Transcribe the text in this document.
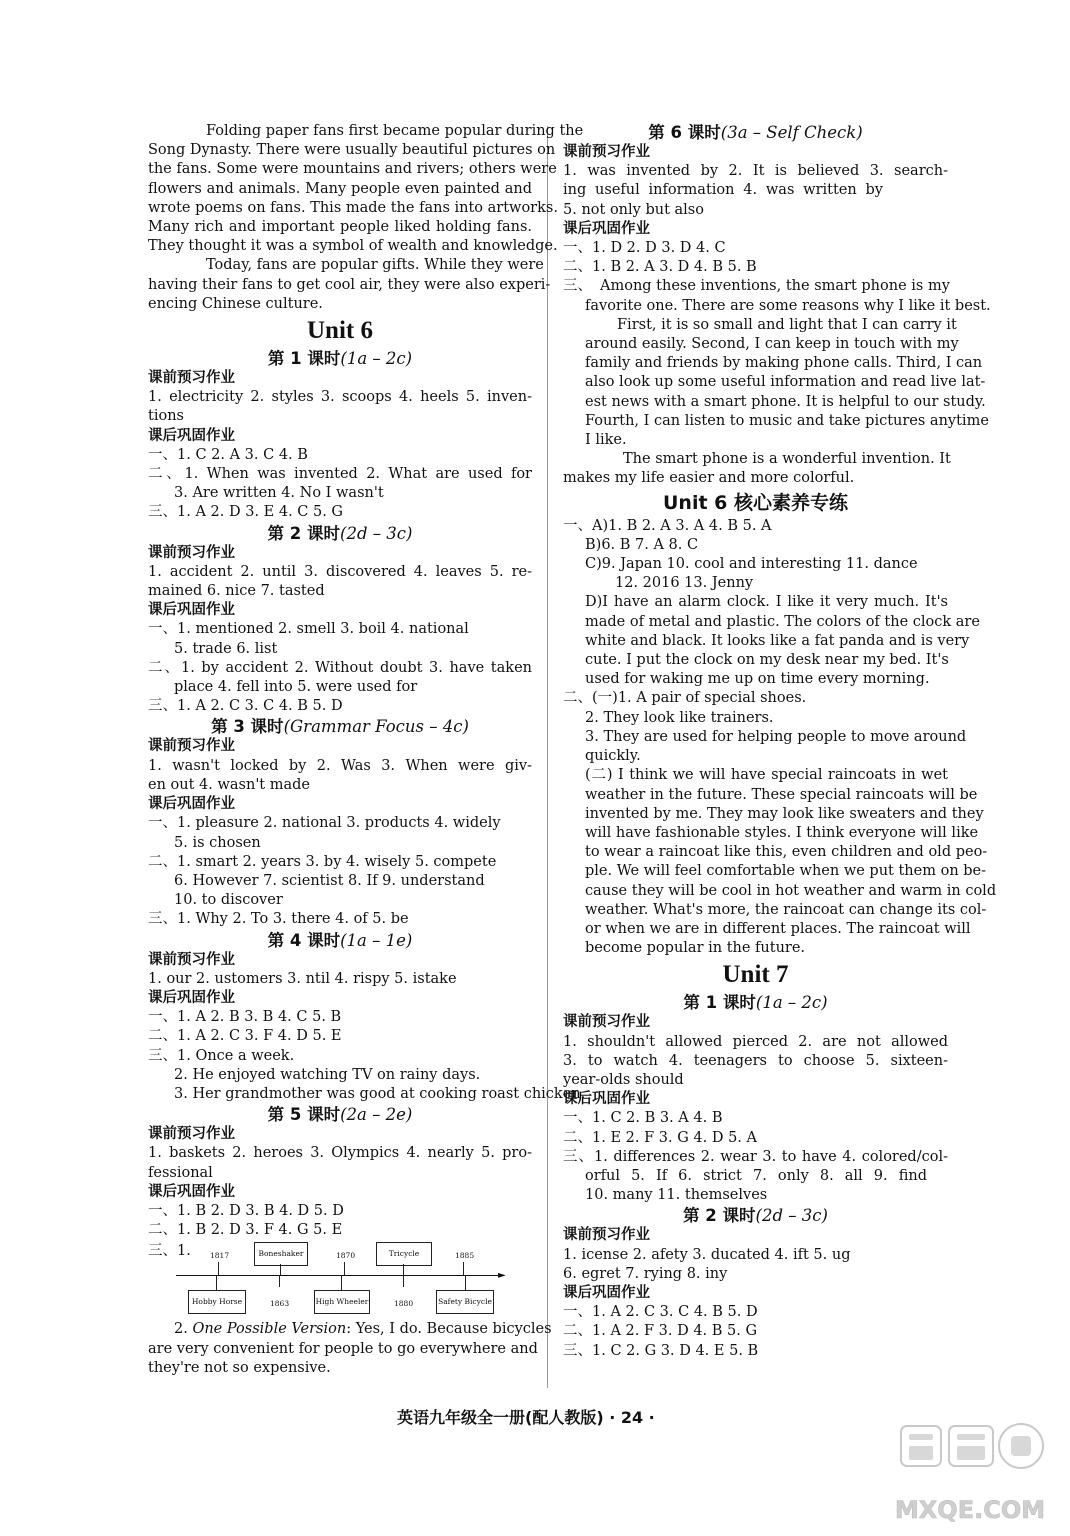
Folding paper fans first became popular during the
Song Dynasty. There were usually beautiful pictures on
the fans. Some were mountains and rivers; others were
flowers and animals. Many people even painted and
wrote poems on fans. This made the fans into artworks.
Many rich and important people liked holding fans.
They thought it was a symbol of wealth and knowledge.
Today, fans are popular gifts. While they were
having their fans to get cool air, they were also experi-
encing Chinese culture.
Unit 6
第 1 课时(1a – 2c)
课前预习作业
1. electricity 2. styles 3. scoops 4. heels 5. inven-
tions
课后巩固作业
一、1. C 2. A 3. C 4. B
二、1. When was invented 2. What are used for
3. Are written 4. No I wasn't
三、1. A 2. D 3. E 4. C 5. G
第 2 课时(2d – 3c)
课前预习作业
1. accident 2. until 3. discovered 4. leaves 5. re-
mained 6. nice 7. tasted
课后巩固作业
一、1. mentioned 2. smell 3. boil 4. national
5. trade 6. list
二、1. by accident 2. Without doubt 3. have taken
place 4. fell into 5. were used for
三、1. A 2. C 3. C 4. B 5. D
第 3 课时(Grammar Focus – 4c)
课前预习作业
1. wasn't locked by 2. Was 3. When were giv-
en out 4. wasn't made
课后巩固作业
一、1. pleasure 2. national 3. products 4. widely
5. is chosen
二、1. smart 2. years 3. by 4. wisely 5. compete
6. However 7. scientist 8. If 9. understand
10. to discover
三、1. Why 2. To 3. there 4. of 5. be
第 4 课时(1a – 1e)
课前预习作业
1. our 2. ustomers 3. ntil 4. rispy 5. istake
课后巩固作业
一、1. A 2. B 3. B 4. C 5. B
二、1. A 2. C 3. F 4. D 5. E
三、1. Once a week.
2. He enjoyed watching TV on rainy days.
3. Her grandmother was good at cooking roast chicken.
第 5 课时(2a – 2e)
课前预习作业
1. baskets 2. heroes 3. Olympics 4. nearly 5. pro-
fessional
课后巩固作业
一、1. B 2. D 3. B 4. D 5. D
二、1. B 2. D 3. F 4. G 5. E
三、1.
►
1817	Boneshaker	1870	Tricycle	1885
Hobby Horse	1863	High Wheeler	1880	Safety Bicycle
2. One Possible Version: Yes, I do. Because bicycles
are very convenient for people to go everywhere and
they're not so expensive.
第 6 课时(3a – Self Check)
课前预习作业
1. was invented by 2. It is believed 3. search-
ing useful information 4. was written by
5. not only but also
课后巩固作业
一、1. D 2. D 3. D 4. C
二、1. B 2. A 3. D 4. B 5. B
三、 Among these inventions, the smart phone is my
favorite one. There are some reasons why I like it best.
First, it is so small and light that I can carry it
around easily. Second, I can keep in touch with my
family and friends by making phone calls. Third, I can
also look up some useful information and read live lat-
est news with a smart phone. It is helpful to our study.
Fourth, I can listen to music and take pictures anytime
I like.
The smart phone is a wonderful invention. It
makes my life easier and more colorful.
Unit 6 核心素养专练
一、A)1. B 2. A 3. A 4. B 5. A
B)6. B 7. A 8. C
C)9. Japan 10. cool and interesting 11. dance
12. 2016 13. Jenny
D)I have an alarm clock. I like it very much. It's
made of metal and plastic. The colors of the clock are
white and black. It looks like a fat panda and is very
cute. I put the clock on my desk near my bed. It's
used for waking me up on time every morning.
二、(一)1. A pair of special shoes.
2. They look like trainers.
3. They are used for helping people to move around
quickly.
(二) I think we will have special raincoats in wet
weather in the future. These special raincoats will be
invented by me. They may look like sweaters and they
will have fashionable styles. I think everyone will like
to wear a raincoat like this, even children and old peo-
ple. We will feel comfortable when we put them on be-
cause they will be cool in hot weather and warm in cold
weather. What's more, the raincoat can change its col-
or when we are in different places. The raincoat will
become popular in the future.
Unit 7
第 1 课时(1a – 2c)
课前预习作业
1. shouldn't allowed pierced 2. are not allowed
3. to watch 4. teenagers to choose 5. sixteen-
year-olds should
课后巩固作业
一、1. C 2. B 3. A 4. B
二、1. E 2. F 3. G 4. D 5. A
三、1. differences 2. wear 3. to have 4. colored/col-
orful 5. If 6. strict 7. only 8. all 9. find
10. many 11. themselves
第 2 课时(2d – 3c)
课前预习作业
1. icense 2. afety 3. ducated 4. ift 5. ug
6. egret 7. rying 8. iny
课后巩固作业
一、1. A 2. C 3. C 4. B 5. D
二、1. A 2. F 3. D 4. B 5. G
三、1. C 2. G 3. D 4. E 5. B
英语九年级全一册(配人教版) · 24 ·
MXQE.COM
